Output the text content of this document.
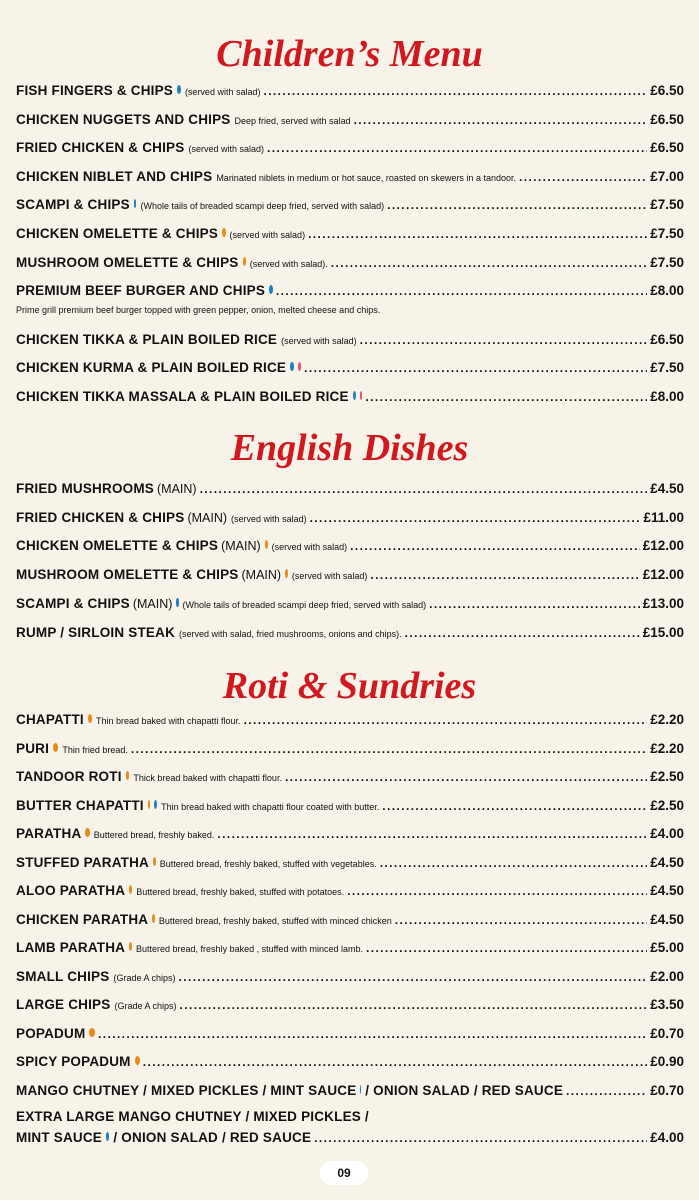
Children’s Menu
FISH FINGERS & CHIPS (served with salad) .....	£6.50
CHICKEN NUGGETS AND CHIPS Deep fried, served with salad .....	£6.50
FRIED CHICKEN & CHIPS (served with salad) .....	£6.50
CHICKEN NIBLET AND CHIPS Marinated niblets in medium or hot sauce, roasted on skewers in a tandoor. .....	£7.00
SCAMPI & CHIPS (Whole tails of breaded scampi deep fried, served with salad) .....	£7.50
CHICKEN OMELETTE & CHIPS (served with salad) .....	£7.50
MUSHROOM OMELETTE & CHIPS (served with salad). .....	£7.50
PREMIUM BEEF BURGER AND CHIPS .....	£8.00
Prime grill premium beef burger topped with green pepper, onion, melted cheese and chips.
CHICKEN TIKKA & PLAIN BOILED RICE (served with salad) .....	£6.50
CHICKEN KURMA & PLAIN BOILED RICE .....	£7.50
CHICKEN TIKKA MASSALA & PLAIN BOILED RICE .....	£8.00
English Dishes
FRIED MUSHROOMS (MAIN) .....	£4.50
FRIED CHICKEN & CHIPS (MAIN) (served with salad) .....	£11.00
CHICKEN OMELETTE & CHIPS (MAIN) (served with salad) .....	£12.00
MUSHROOM OMELETTE & CHIPS (MAIN) (served with salad) .....	£12.00
SCAMPI & CHIPS (MAIN) (Whole tails of breaded scampi deep fried, served with salad) .....	£13.00
RUMP / SIRLOIN STEAK (served with salad, fried mushrooms, onions and chips). .....	£15.00
Roti & Sundries
CHAPATTI Thin bread baked with chapatti flour. .....	£2.20
PURI Thin fried bread. .....	£2.20
TANDOOR ROTI Thick bread baked with chapatti flour. .....	£2.50
BUTTER CHAPATTI Thin bread baked with chapatti flour coated with butter. .....	£2.50
PARATHA Buttered bread, freshly baked. .....	£4.00
STUFFED PARATHA Buttered bread, freshly baked, stuffed with vegetables. .....	£4.50
ALOO PARATHA Buttered bread, freshly baked, stuffed with potatoes. .....	£4.50
CHICKEN PARATHA Buttered bread, freshly baked, stuffed with minced chicken .....	£4.50
LAMB PARATHA Buttered bread, freshly baked , stuffed with minced lamb. .....	£5.00
SMALL CHIPS (Grade A chips) .....	£2.00
LARGE CHIPS (Grade A chips) .....	£3.50
POPADUM .....	£0.70
SPICY POPADUM .....	£0.90
MANGO CHUTNEY / MIXED PICKLES / MINT SAUCE / ONION SALAD / RED SAUCE .....	£0.70
EXTRA LARGE MANGO CHUTNEY / MIXED PICKLES /
MINT SAUCE / ONION SALAD / RED SAUCE .....	£4.00
09
